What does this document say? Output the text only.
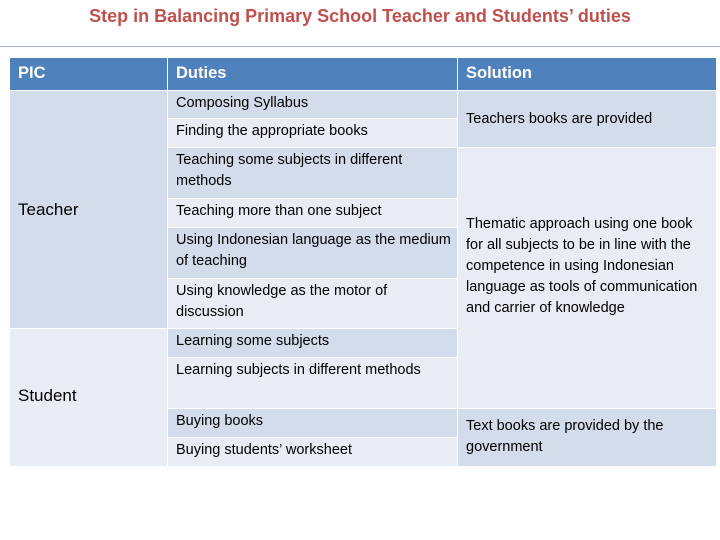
Step in Balancing Primary School Teacher and Students’ duties
PIC	Duties	Solution
Teacher
Student
Composing Syllabus
Finding the appropriate books
Teaching some subjects in different methods
Teaching more than one subject
Using Indonesian language as the medium of teaching
Using knowledge as the motor of discussion
Learning some subjects
Learning subjects in different methods
Buying books
Buying students’ worksheet
Teachers books are provided
Thematic approach using one book for all subjects to be in line with the competence in using Indonesian language as tools of communication and carrier of knowledge
Text books are provided by the government
